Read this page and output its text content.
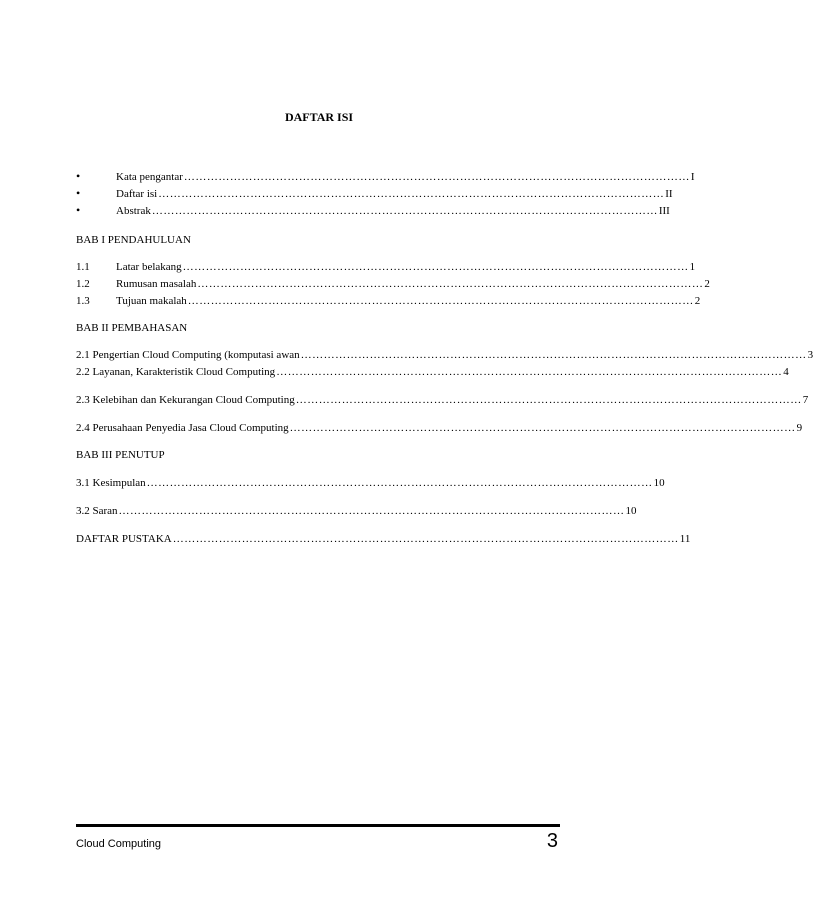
DAFTAR ISI
•	Kata pengantar …………………………………………………………………………………………………………………… I
•	Daftar isi …………………………………………………………………………………………………………………… II
•	Abstrak …………………………………………………………………………………………………………………… III
BAB I PENDAHULUAN
1.1	Latar belakang …………………………………………………………………………………………………………………… 1
1.2	Rumusan masalah …………………………………………………………………………………………………………………… 2
1.3	Tujuan makalah …………………………………………………………………………………………………………………… 2
BAB II PEMBAHASAN
2.1 Pengertian Cloud Computing (komputasi awan …………………………………………………………………………………………………………………… 3
2.2 Layanan, Karakteristik Cloud Computing …………………………………………………………………………………………………………………… 4
2.3 Kelebihan dan Kekurangan Cloud Computing …………………………………………………………………………………………………………………… 7
2.4 Perusahaan Penyedia Jasa Cloud Computing …………………………………………………………………………………………………………………… 9
BAB III PENUTUP
3.1 Kesimpulan …………………………………………………………………………………………………………………… 10
3.2 Saran …………………………………………………………………………………………………………………… 10
DAFTAR PUSTAKA …………………………………………………………………………………………………………………… 11
Cloud Computing	3
